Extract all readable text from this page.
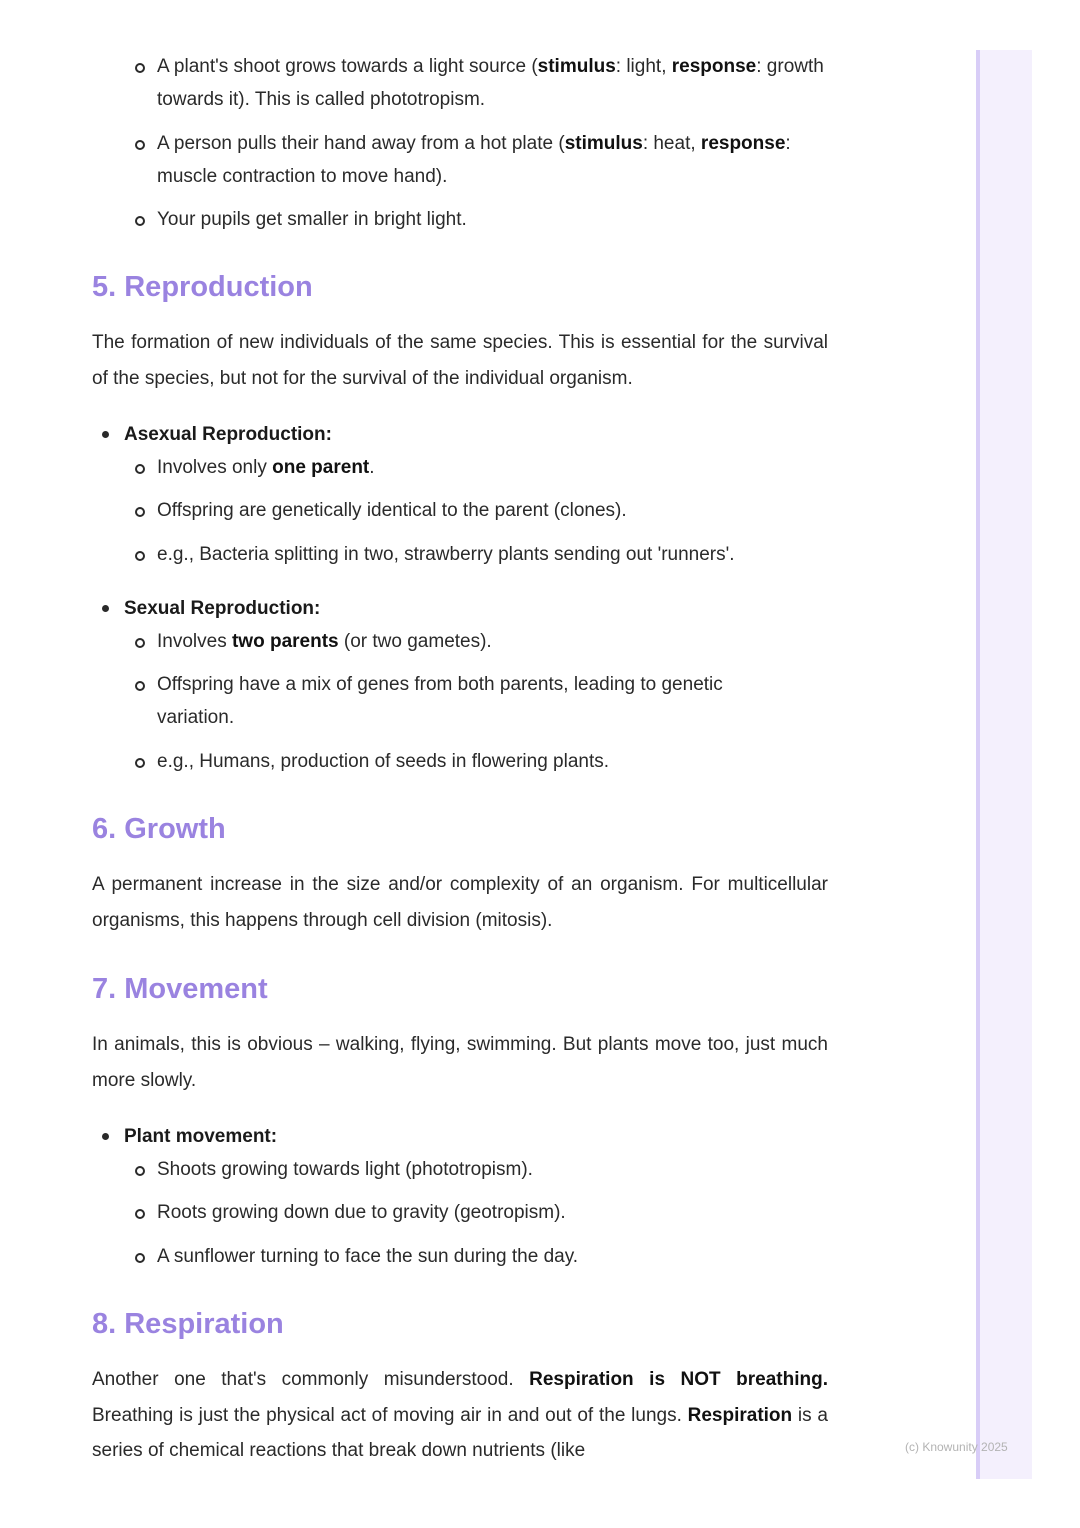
(c) Knowunity 2025
A plant's shoot grows towards a light source (stimulus: light, response: growth towards it). This is called phototropism.
A person pulls their hand away from a hot plate (stimulus: heat, response: muscle contraction to move hand).
Your pupils get smaller in bright light.
5. Reproduction

The formation of new individuals of the same species. This is essential for the survival of the species, but not for the survival of the individual organism.

Asexual Reproduction:
Involves only one parent.
Offspring are genetically identical to the parent (clones).
e.g., Bacteria splitting in two, strawberry plants sending out 'runners'.
Sexual Reproduction:
Involves two parents (or two gametes).
Offspring have a mix of genes from both parents, leading to genetic variation.
e.g., Humans, production of seeds in flowering plants.
6. Growth

A permanent increase in the size and/or complexity of an organism. For multicellular organisms, this happens through cell division (mitosis).

7. Movement

In animals, this is obvious – walking, flying, swimming. But plants move too, just much more slowly.

Plant movement:
Shoots growing towards light (phototropism).
Roots growing down due to gravity (geotropism).
A sunflower turning to face the sun during the day.
8. Respiration

Another one that's commonly misunderstood. Respiration is NOT breathing. Breathing is just the physical act of moving air in and out of the lungs. Respiration is a series of chemical reactions that break down nutrients (like
